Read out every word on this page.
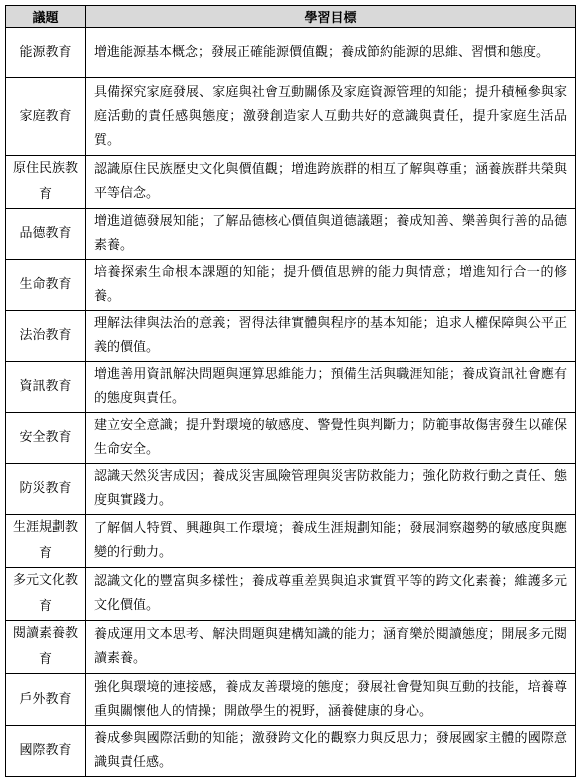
議題	學習目標
能源教育	增進能源基本概念；發展正確能源價值觀；養成節約能源的思維、習慣和態度。
家庭教育	具備探究家庭發展、家庭與社會互動關係及家庭資源管理的知能；提升積極參與家庭活動的責任感與態度；激發創造家人互動共好的意識與責任，提升家庭生活品質。
原住民族教育	認識原住民族歷史文化與價值觀；增進跨族群的相互了解與尊重；涵養族群共榮與平等信念。
品德教育	增進道德發展知能；了解品德核心價值與道德議題；養成知善、樂善與行善的品德素養。
生命教育	培養探索生命根本課題的知能；提升價值思辨的能力與情意；增進知行合一的修養。
法治教育	理解法律與法治的意義；習得法律實體與程序的基本知能；追求人權保障與公平正義的價值。
資訊教育	增進善用資訊解決問題與運算思維能力；預備生活與職涯知能；養成資訊社會應有的態度與責任。
安全教育	建立安全意識；提升對環境的敏感度、警覺性與判斷力；防範事故傷害發生以確保生命安全。
防災教育	認識天然災害成因；養成災害風險管理與災害防救能力；強化防救行動之責任、態度與實踐力。
生涯規劃教育	了解個人特質、興趣與工作環境；養成生涯規劃知能；發展洞察趨勢的敏感度與應變的行動力。
多元文化教育	認識文化的豐富與多樣性；養成尊重差異與追求實質平等的跨文化素養；維護多元文化價值。
閱讀素養教育	養成運用文本思考、解決問題與建構知識的能力；涵育樂於閱讀態度；開展多元閱讀素養。
戶外教育	強化與環境的連接感，養成友善環境的態度；發展社會覺知與互動的技能，培養尊重與關懷他人的情操；開啟學生的視野，涵養健康的身心。
國際教育	養成參與國際活動的知能；激發跨文化的觀察力與反思力；發展國家主體的國際意識與責任感。
